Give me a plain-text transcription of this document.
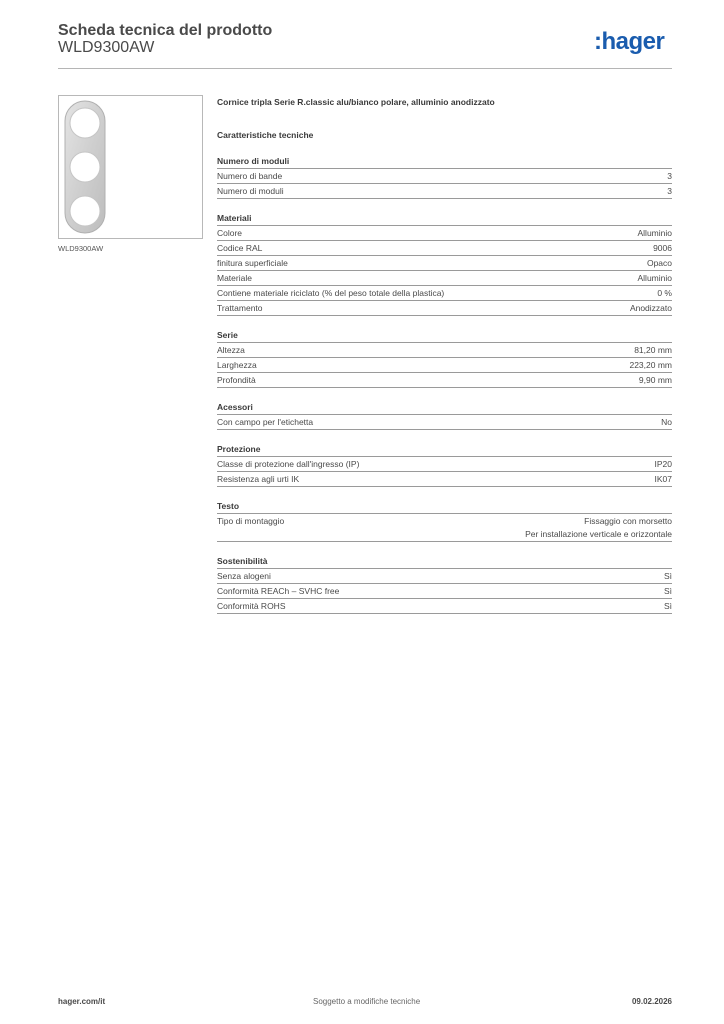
Scheda tecnica del prodotto
WLD9300AW	:hager
WLD9300AW
Cornice tripla Serie R.classic alu/bianco polare, alluminio anodizzato
Caratteristiche tecniche
Numero di moduli
Numero di bande	3
Numero di moduli	3
Materiali
Colore	Alluminio
Codice RAL	9006
finitura superficiale	Opaco
Materiale	Alluminio
Contiene materiale riciclato (% del peso totale della plastica)	0 %
Trattamento	Anodizzato
Serie
Altezza	81,20 mm
Larghezza	223,20 mm
Profondità	9,90 mm
Acessori
Con campo per l'etichetta	No
Protezione
Classe di protezione dall'ingresso (IP)	IP20
Resistenza agli urti IK	IK07
Testo
Tipo di montaggio	Fissaggio con morsetto
Per installazione verticale e orizzontale
Sostenibilità
Senza alogeni	Sì
Conformità REACh – SVHC free	Sì
Conformità ROHS	Sì
hager.com/it	Soggetto a modifiche tecniche	09.02.2026
